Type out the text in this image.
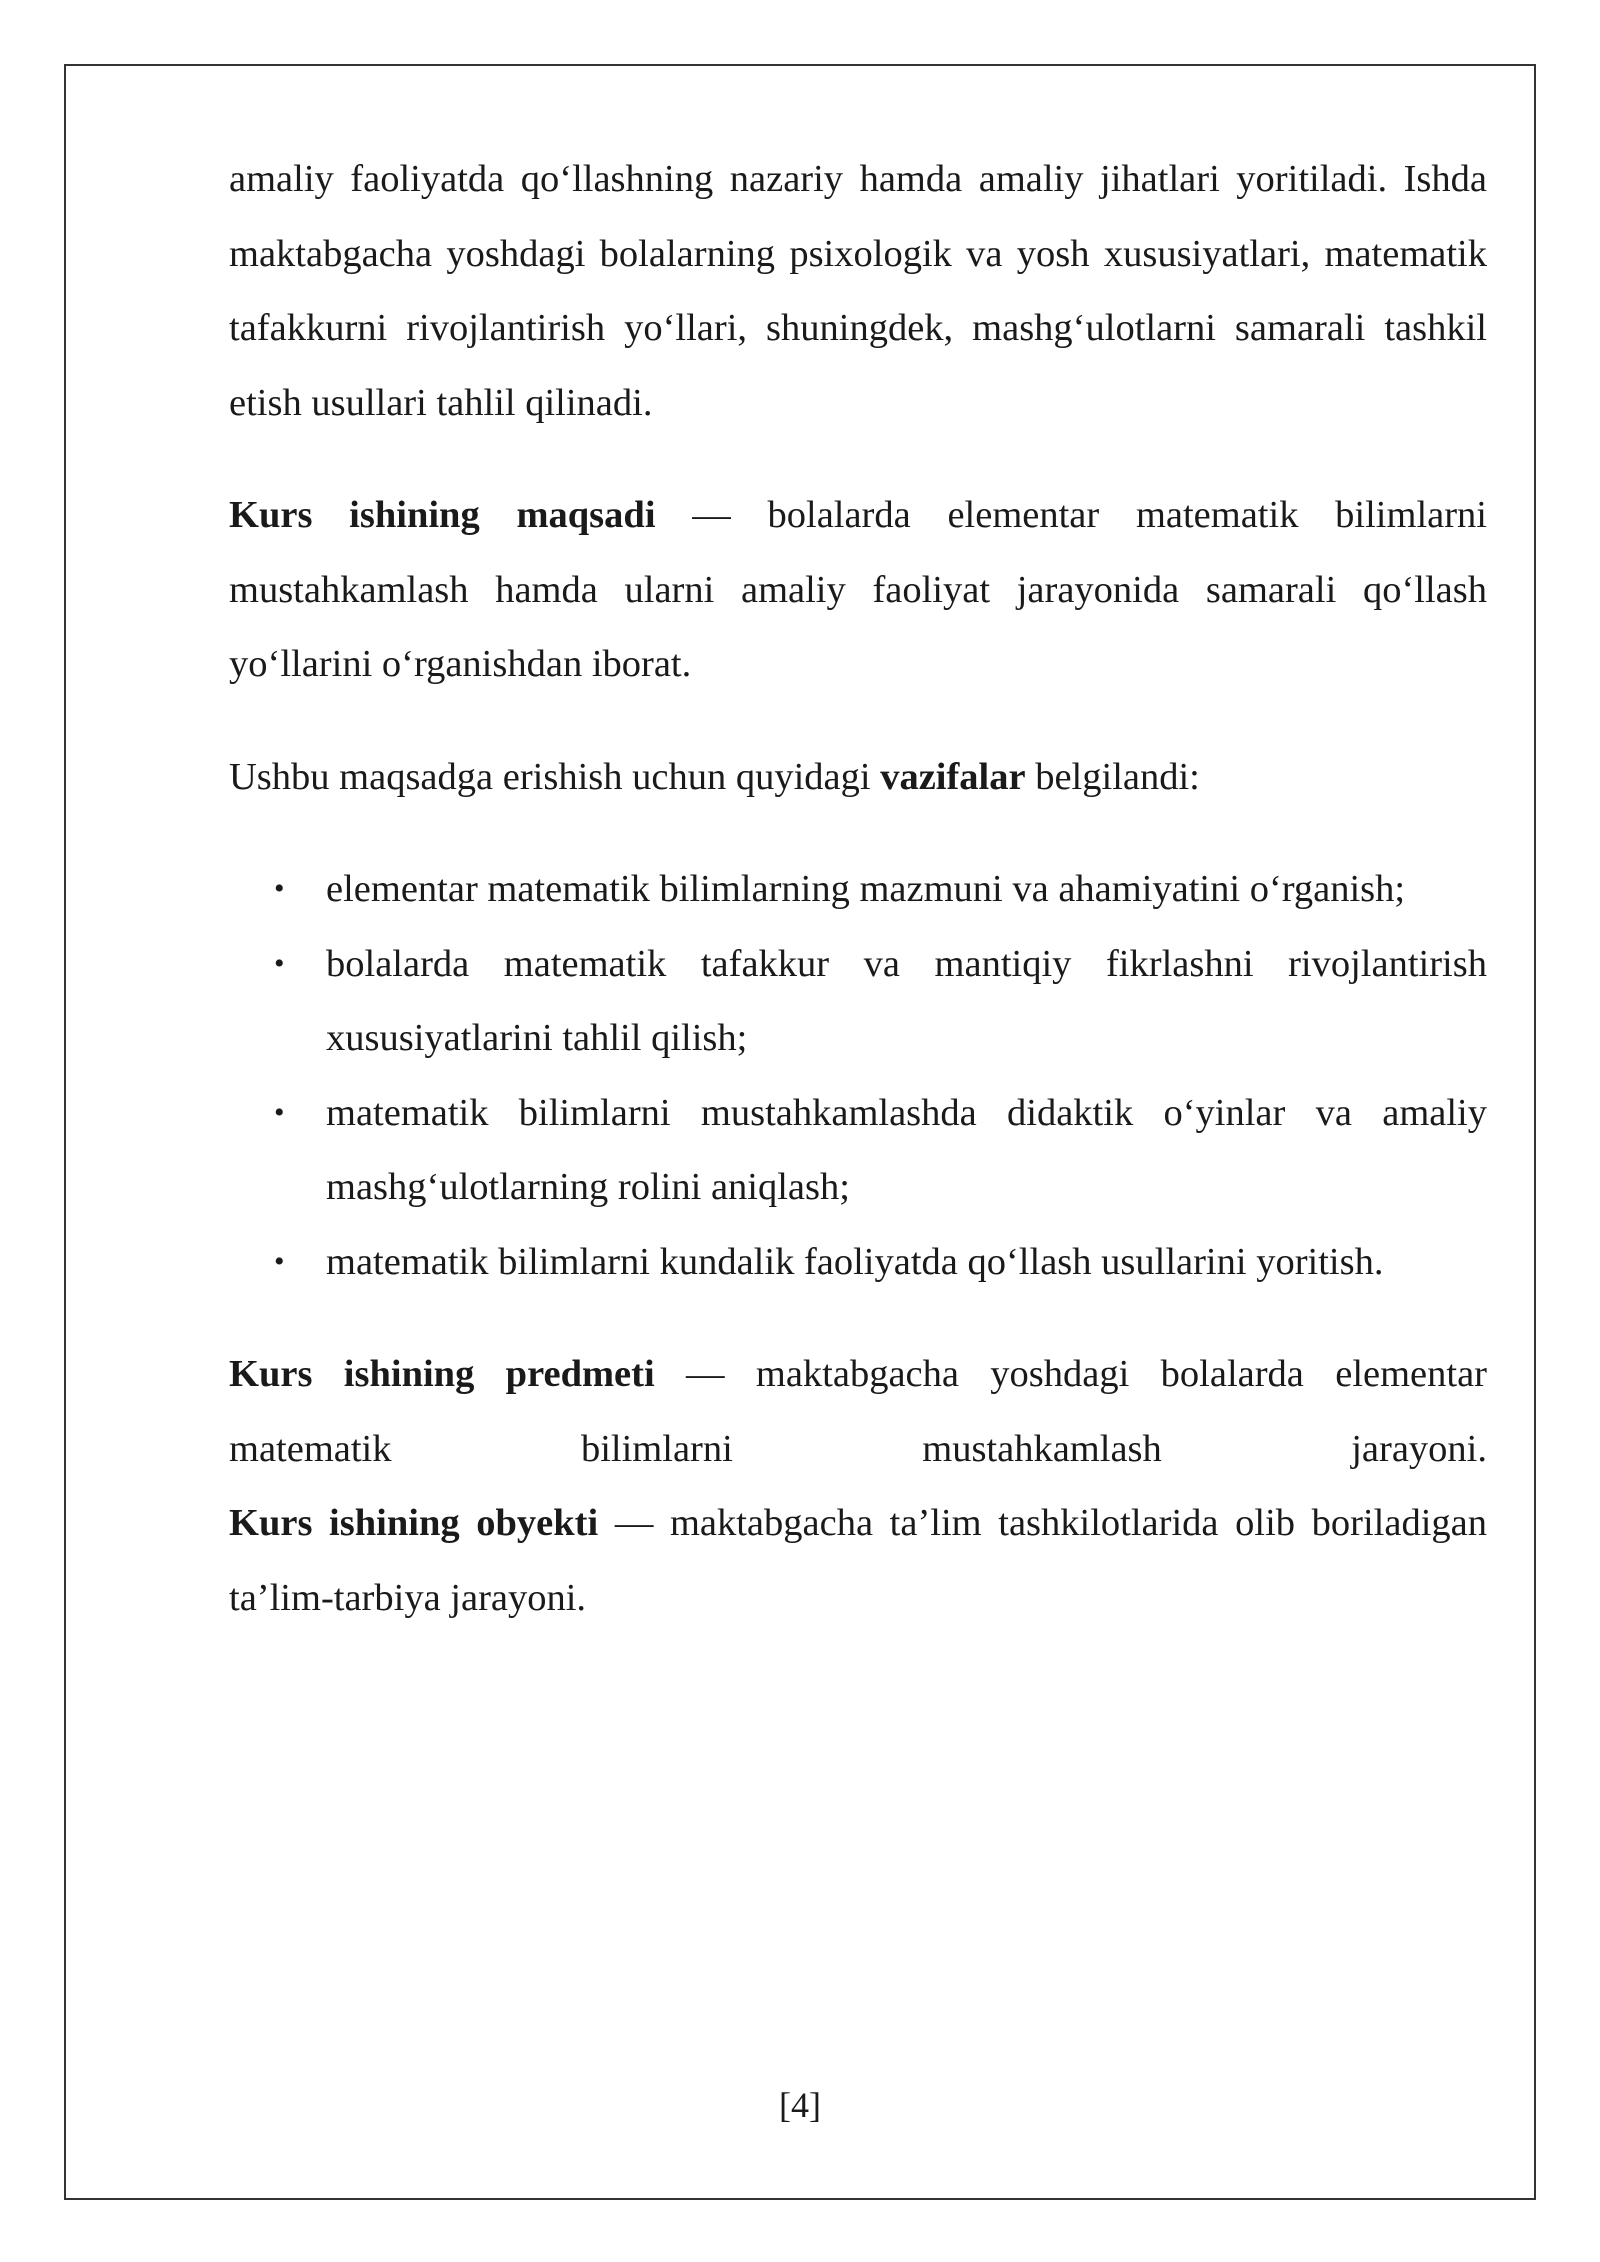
amaliy faoliyatda qo‘llashning nazariy hamda amaliy jihatlari yoritiladi. Ishda maktabgacha yoshdagi bolalarning psixologik va yosh xususiyatlari, matematik tafakkurni rivojlantirish yo‘llari, shuningdek, mashg‘ulotlarni samarali tashkil etish usullari tahlil qilinadi.

Kurs ishining maqsadi — bolalarda elementar matematik bilimlarni mustahkamlash hamda ularni amaliy faoliyat jarayonida samarali qo‘llash yo‘llarini o‘rganishdan iborat.

Ushbu maqsadga erishish uchun quyidagi vazifalar belgilandi:

• elementar matematik bilimlarning mazmuni va ahamiyatini o‘rganish;
• bolalarda matematik tafakkur va mantiqiy fikrlashni rivojlantirish xususiyatlarini tahlil qilish;
• matematik bilimlarni mustahkamlashda didaktik o‘yinlar va amaliy mashg‘ulotlarning rolini aniqlash;
• matematik bilimlarni kundalik faoliyatda qo‘llash usullarini yoritish.

Kurs ishining predmeti — maktabgacha yoshdagi bolalarda elementar matematik bilimlarni mustahkamlash jarayoni.

Kurs ishining obyekti — maktabgacha ta’lim tashkilotlarida olib boriladigan ta’lim-tarbiya jarayoni.

[4]
